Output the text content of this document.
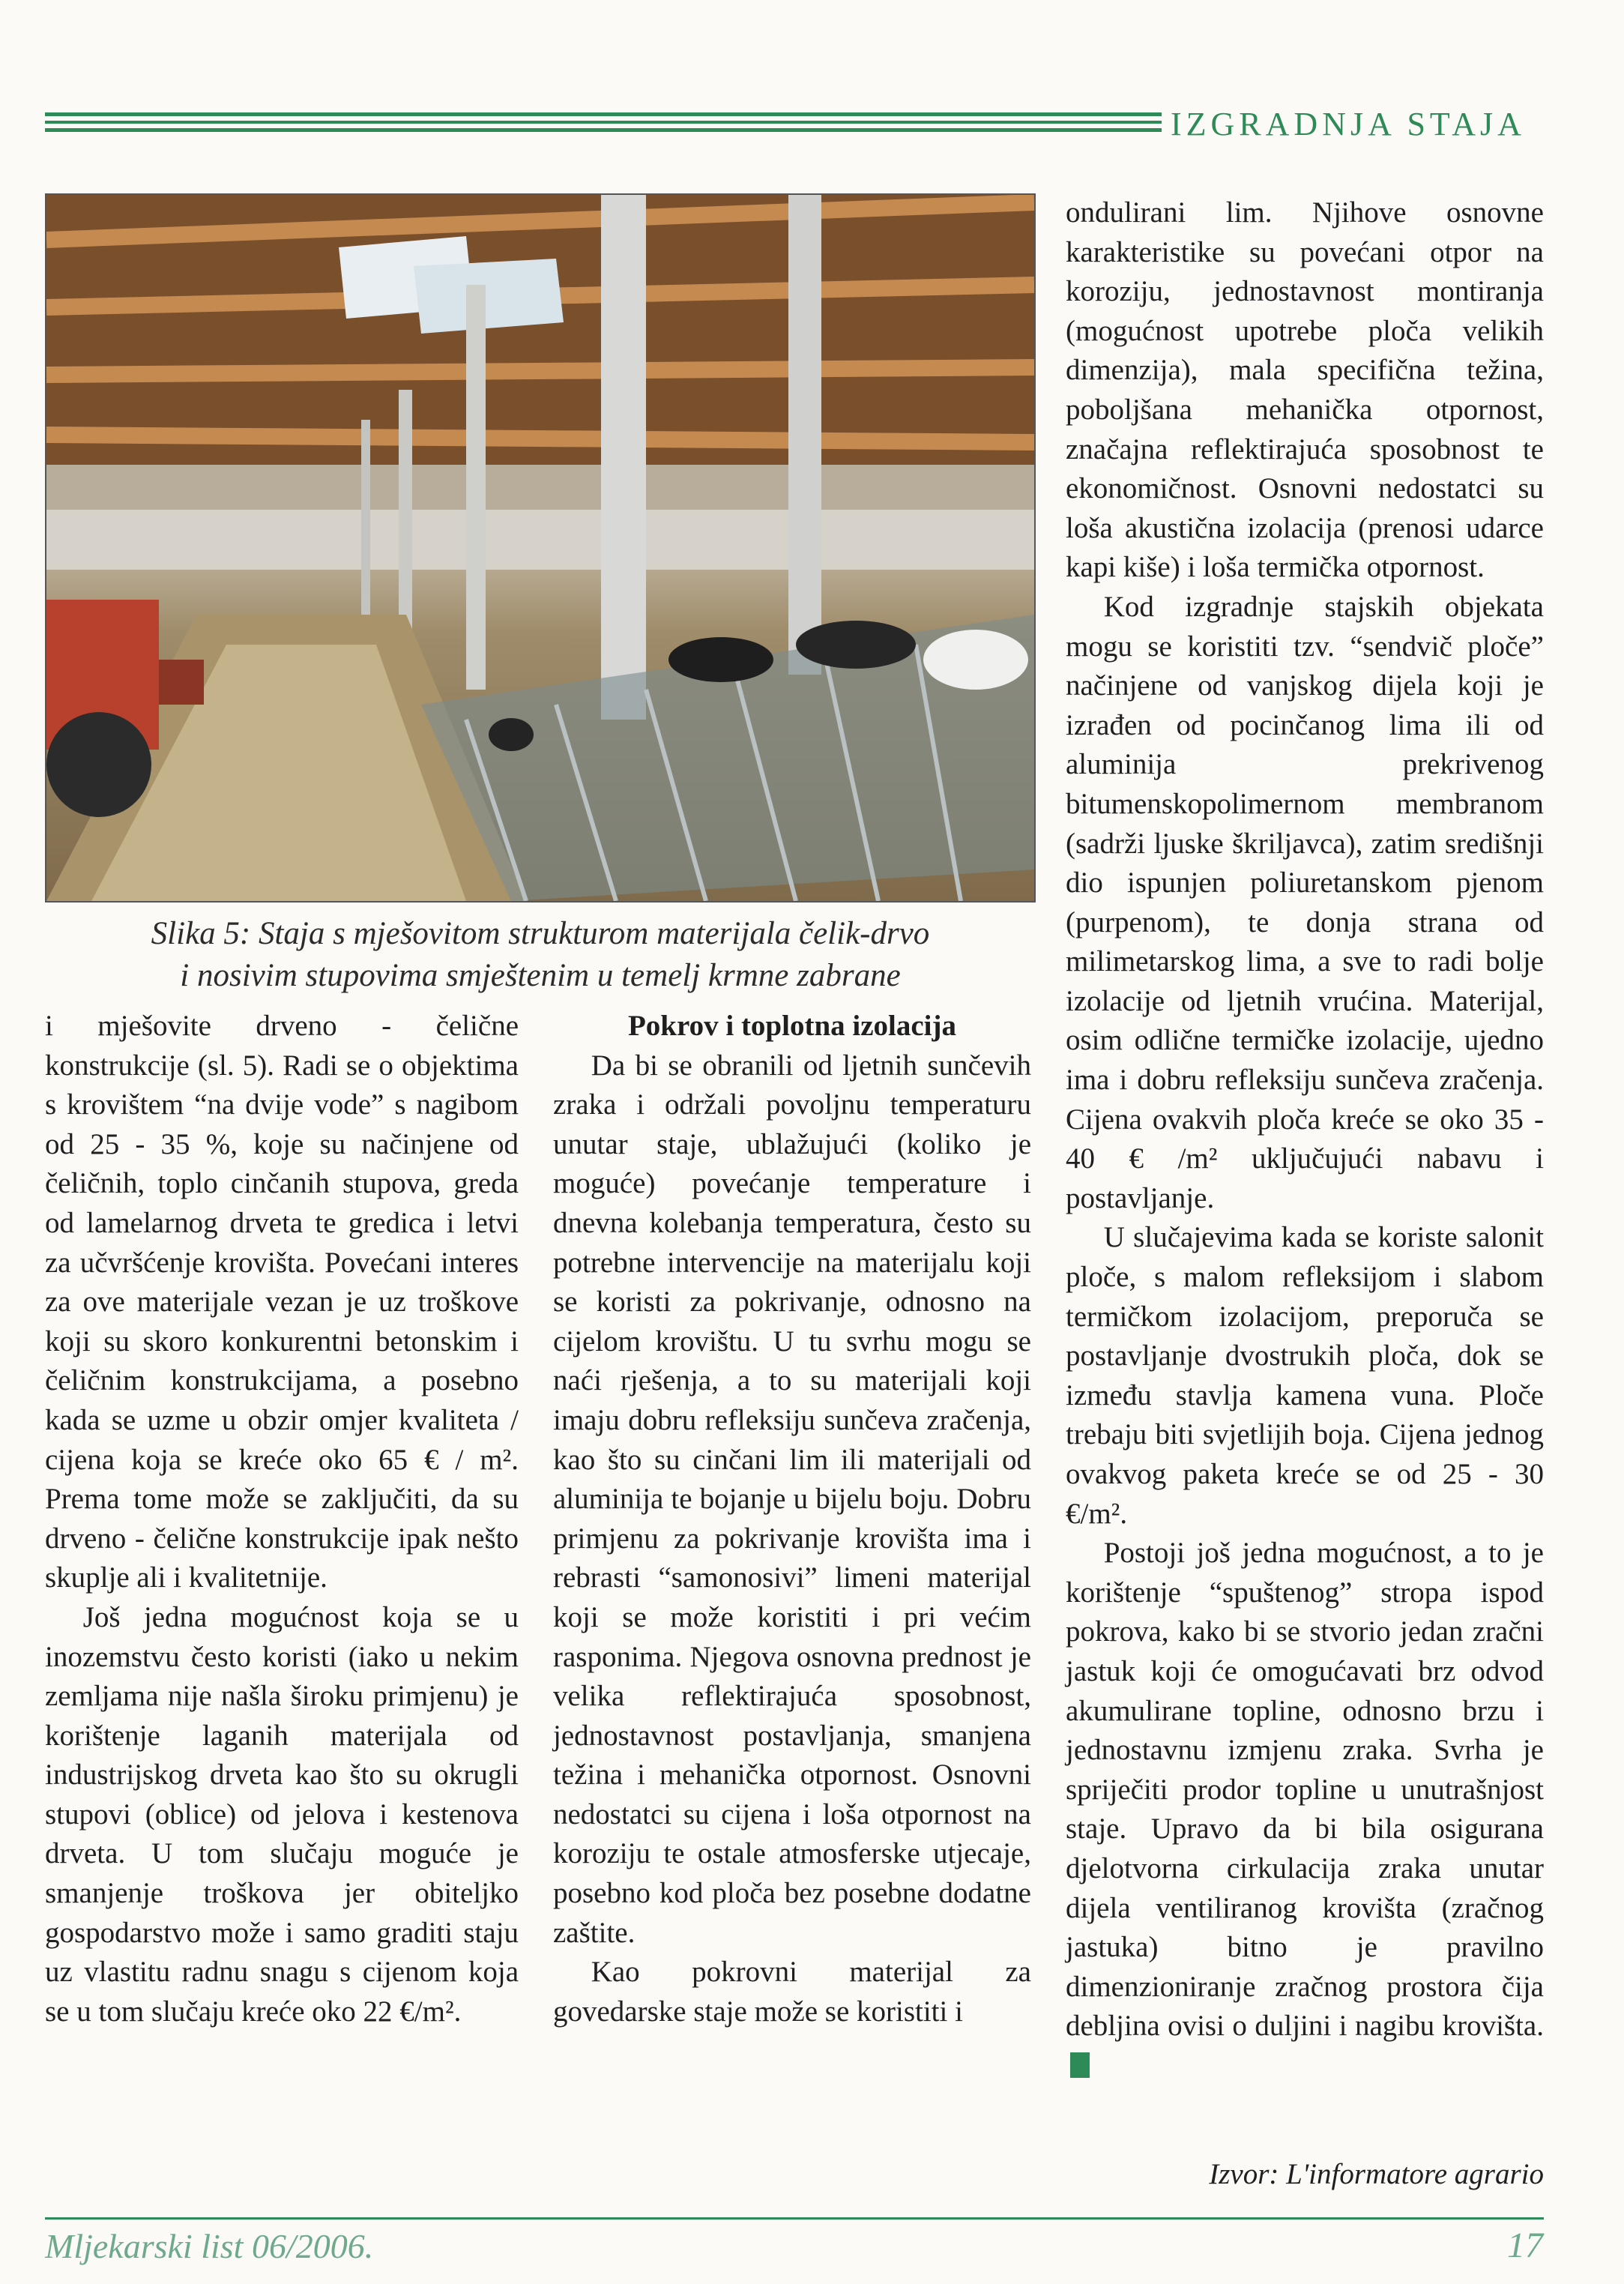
IZGRADNJA STAJA
Slika 5: Staja s mješovitom strukturom materijala čelik-drvo
i nosivim stupovima smještenim u temelj krmne zabrane

i mješovite drveno - čelične konstrukcije (sl. 5). Radi se o objektima s krovištem “na dvije vode” s nagibom od 25 - 35 %, koje su načinjene od čeličnih, toplo cinčanih stupova, greda od lamelarnog drveta te gredica i letvi za učvršćenje krovišta. Povećani interes za ove materijale vezan je uz troškove koji su skoro konkurentni betonskim i čeličnim konstrukcijama, a posebno kada se uzme u obzir omjer kvaliteta / cijena koja se kreće oko 65 € / m². Prema tome može se zaključiti, da su drveno - čelične konstrukcije ipak nešto skuplje ali i kvalitetnije.

Još jedna mogućnost koja se u inozemstvu često koristi (iako u nekim zemljama nije našla široku primjenu) je korištenje laganih materijala od industrijskog drveta kao što su okrugli stupovi (oblice) od jelova i kestenova drveta. U tom slučaju moguće je smanjenje troškova jer obiteljko gospodarstvo može i samo graditi staju uz vlastitu radnu snagu s cijenom koja se u tom slučaju kreće oko 22 €/m².

Pokrov i toplotna izolacija

Da bi se obranili od ljetnih sunčevih zraka i održali povoljnu temperaturu unutar staje, ublažujući (koliko je moguće) povećanje temperature i dnevna kolebanja temperatura, često su potrebne intervencije na materijalu koji se koristi za pokrivanje, odnosno na cijelom krovištu. U tu svrhu mogu se naći rješenja, a to su materijali koji imaju dobru refleksiju sunčeva zračenja, kao što su cinčani lim ili materijali od aluminija te bojanje u bijelu boju. Dobru primjenu za pokrivanje krovišta ima i rebrasti “samonosivi” limeni materijal koji se može koristiti i pri većim rasponima. Njegova osnovna prednost je velika reflektirajuća sposobnost, jednostavnost postavljanja, smanjena težina i mehanička otpornost. Osnovni nedostatci su cijena i loša otpornost na koroziju te ostale atmosferske utjecaje, posebno kod ploča bez posebne dodatne zaštite.

Kao pokrovni materijal za govedarske staje može se koristiti i

ondulirani lim. Njihove osnovne karakteristike su povećani otpor na koroziju, jednostavnost montiranja (mogućnost upotrebe ploča velikih dimenzija), mala specifična težina, poboljšana mehanička otpornost, značajna reflektirajuća sposobnost te ekonomičnost. Osnovni nedostatci su loša akustična izolacija (prenosi udarce kapi kiše) i loša termička otpornost.

Kod izgradnje stajskih objekata mogu se koristiti tzv. “sendvič ploče” načinjene od vanjskog dijela koji je izrađen od pocinčanog lima ili od aluminija prekrivenog bitumenskopolimernom membranom (sadrži ljuske škriljavca), zatim središnji dio ispunjen poliuretanskom pjenom (purpenom), te donja strana od milimetarskog lima, a sve to radi bolje izolacije od ljetnih vrućina. Materijal, osim odlične termičke izolacije, ujedno ima i dobru refleksiju sunčeva zračenja. Cijena ovakvih ploča kreće se oko 35 - 40 € /m² uključujući nabavu i postavljanje.

U slučajevima kada se koriste salonit ploče, s malom refleksijom i slabom termičkom izolacijom, preporuča se postavljanje dvostrukih ploča, dok se između stavlja kamena vuna. Ploče trebaju biti svjetlijih boja. Cijena jednog ovakvog paketa kreće se od 25 - 30 €/m².

Postoji još jedna mogućnost, a to je korištenje “spuštenog” stropa ispod pokrova, kako bi se stvorio jedan zračni jastuk koji će omogućavati brz odvod akumulirane topline, odnosno brzu i jednostavnu izmjenu zraka. Svrha je spriječiti prodor topline u unutrašnjost staje. Upravo da bi bila osigurana djelotvorna cirkulacija zraka unutar dijela ventiliranog krovišta (zračnog jastuka) bitno je pravilno dimenzioniranje zračnog prostora čija debljina ovisi o duljini i nagibu krovišta.

Izvor: L'informatore agrario
Mljekarski list 06/2006.	17
